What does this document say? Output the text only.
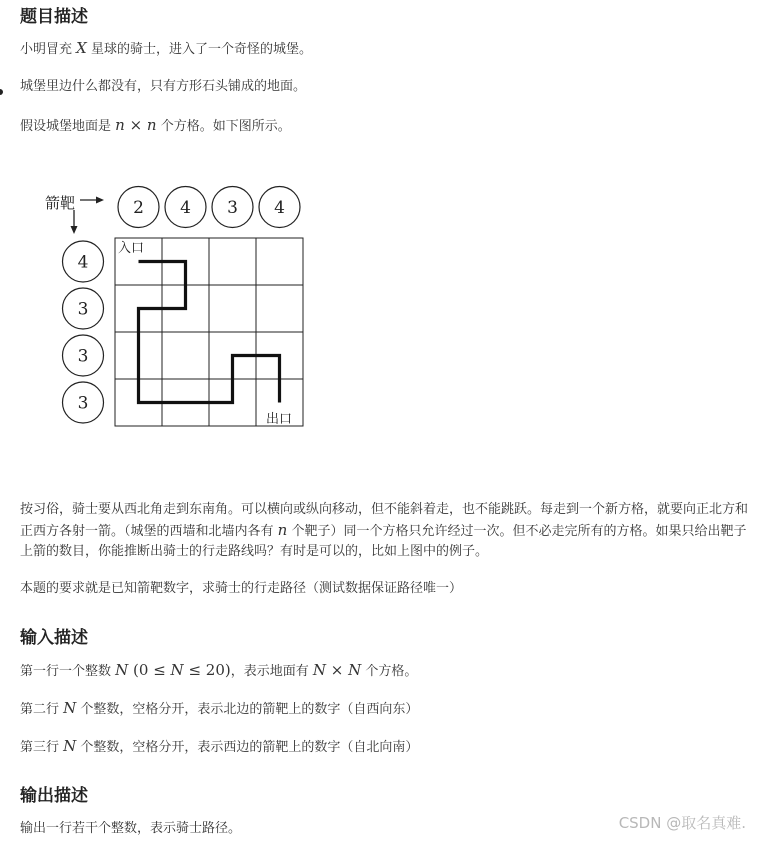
题目描述

小明冒充 X 星球的骑士，进入了一个奇怪的城堡。

城堡里边什么都没有，只有方形石头铺成的地面。

假设城堡地面是 n × n 个方格。如下图所示。

箭靶	2 4 3 4
4
3
3
3
入口
出口

按习俗，骑士要从西北角走到东南角。可以横向或纵向移动，但不能斜着走，也不能跳跃。每走到一个新方格，就要向正北方和正西方各射一箭。（城堡的西墙和北墙内各有 n 个靶子）同一个方格只允许经过一次。但不必走完所有的方格。如果只给出靶子上箭的数目，你能推断出骑士的行走路线吗？有时是可以的，比如上图中的例子。

本题的要求就是已知箭靶数字，求骑士的行走路径（测试数据保证路径唯一）

输入描述

第一行一个整数 N (0 ≤ N ≤ 20)，表示地面有 N × N 个方格。

第二行 N 个整数，空格分开，表示北边的箭靶上的数字（自西向东）

第三行 N 个整数，空格分开，表示西边的箭靶上的数字（自北向南）

输出描述

输出一行若干个整数，表示骑士路径。	CSDN @取名真难.
